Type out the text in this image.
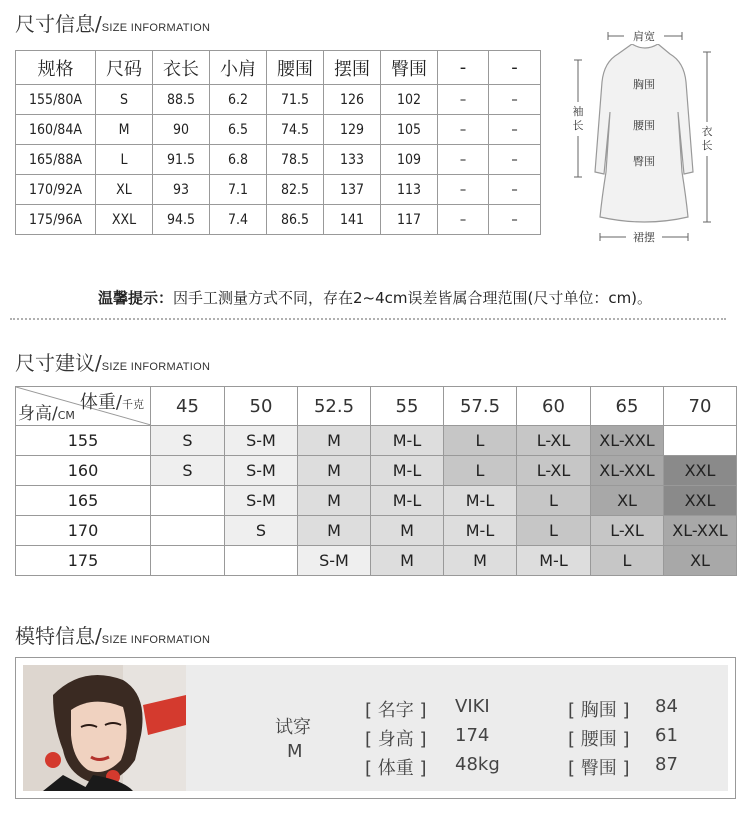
尺寸信息/SIZE INFORMATION
规格	尺码	衣长	小肩	腰围	摆围	臀围	-	-
155/80A	S	88.5	6.2	71.5	126	102	–	–
160/84A	M	90	6.5	74.5	129	105	–	–
165/88A	L	91.5	6.8	78.5	133	109	–	–
170/92A	XL	93	7.1	82.5	137	113	–	–
175/96A	XXL	94.5	7.4	86.5	141	117	–	–
肩宽
胸围
腰围
臀围
裙摆
袖长	衣长
温馨提示：因手工测量方式不同，存在2~4cm误差皆属合理范围(尺寸单位：cm)。
尺寸建议/SIZE INFORMATION
体重/千克
身高/CM	45	50	52.5	55	57.5	60	65	70
155	S	S-M	M	M-L	L	L-XL	XL-XXL	
160	S	S-M	M	M-L	L	L-XL	XL-XXL	XXL
165		S-M	M	M-L	M-L	L	XL	XXL
170		S	M	M	M-L	L	L-XL	XL-XXL
175			S-M	M	M	M-L	L	XL
模特信息/SIZE INFORMATION
试穿
M
[ 名字 ] VIKI
[ 身高 ] 174
[ 体重 ] 48kg
[ 胸围 ] 84
[ 腰围 ] 61
[ 臀围 ] 87
